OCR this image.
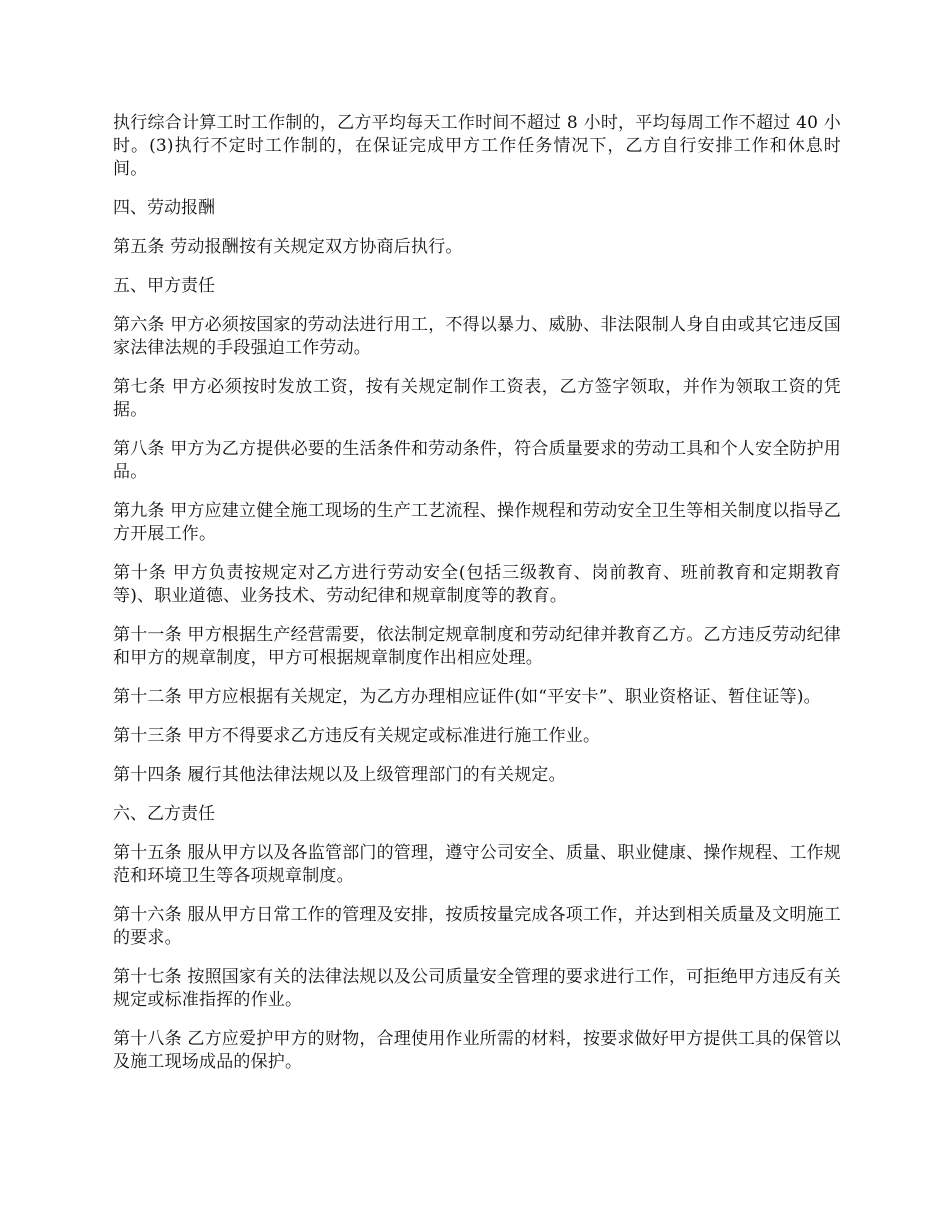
执行综合计算工时工作制的，乙方平均每天工作时间不超过 8 小时，平均每周工作不超过 40 小时。(3)执行不定时工作制的，在保证完成甲方工作任务情况下，乙方自行安排工作和休息时间。

四、劳动报酬

第五条 劳动报酬按有关规定双方协商后执行。

五、甲方责任

第六条 甲方必须按国家的劳动法进行用工，不得以暴力、威胁、非法限制人身自由或其它违反国家法律法规的手段强迫工作劳动。

第七条 甲方必须按时发放工资，按有关规定制作工资表，乙方签字领取，并作为领取工资的凭据。

第八条 甲方为乙方提供必要的生活条件和劳动条件，符合质量要求的劳动工具和个人安全防护用品。

第九条 甲方应建立健全施工现场的生产工艺流程、操作规程和劳动安全卫生等相关制度以指导乙方开展工作。

第十条 甲方负责按规定对乙方进行劳动安全(包括三级教育、岗前教育、班前教育和定期教育等)、职业道德、业务技术、劳动纪律和规章制度等的教育。

第十一条 甲方根据生产经营需要，依法制定规章制度和劳动纪律并教育乙方。乙方违反劳动纪律和甲方的规章制度，甲方可根据规章制度作出相应处理。

第十二条 甲方应根据有关规定，为乙方办理相应证件(如“平安卡”、职业资格证、暂住证等)。

第十三条 甲方不得要求乙方违反有关规定或标准进行施工作业。

第十四条 履行其他法律法规以及上级管理部门的有关规定。

六、乙方责任

第十五条 服从甲方以及各监管部门的管理，遵守公司安全、质量、职业健康、操作规程、工作规范和环境卫生等各项规章制度。

第十六条 服从甲方日常工作的管理及安排，按质按量完成各项工作，并达到相关质量及文明施工的要求。

第十七条 按照国家有关的法律法规以及公司质量安全管理的要求进行工作，可拒绝甲方违反有关规定或标准指挥的作业。

第十八条 乙方应爱护甲方的财物，合理使用作业所需的材料，按要求做好甲方提供工具的保管以及施工现场成品的保护。
